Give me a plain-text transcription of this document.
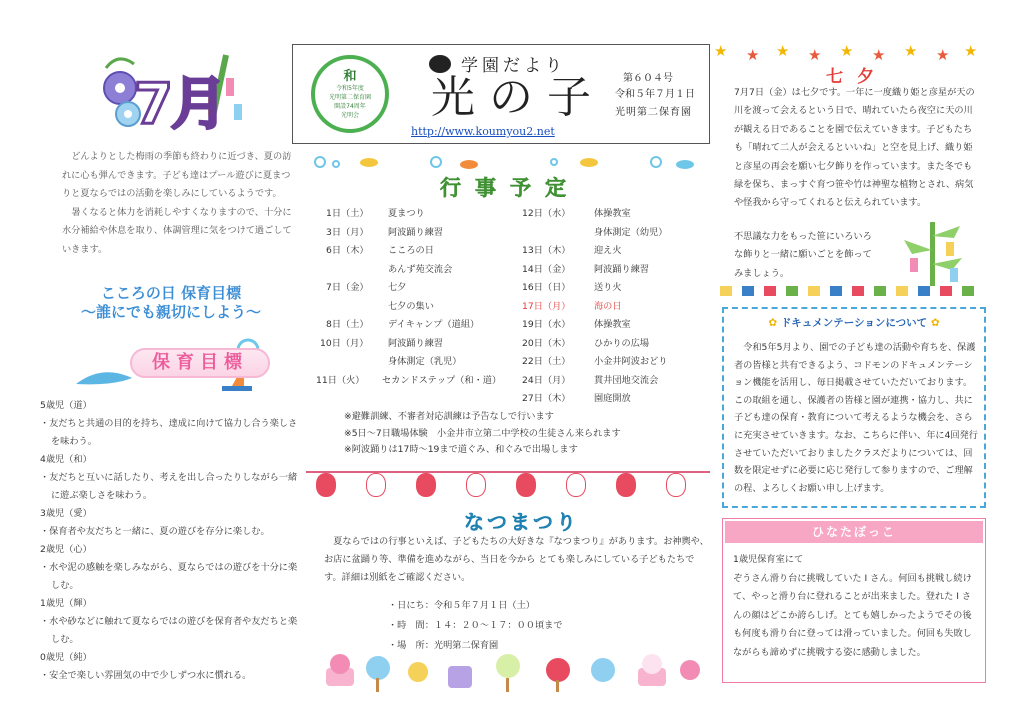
7月

どんよりとした梅雨の季節も終わりに近づき、夏の訪れに心も弾んできます。子ども達はプール遊びに夏まつりと夏ならではの活動を楽しみにしているようです。

暑くなると体力を消耗しやすくなりますので、十分に水分補給や休息を取り、体調管理に気をつけて過ごしていきます。

こころの日 保育目標
〜誰にでも親切にしよう〜
保育目標
5歳児（道）
・友だちと共通の目的を持ち、達成に向けて協力し合う楽しさを味わう。
4歳児（和）
・友だちと互いに話したり、考えを出し合ったりしながら一緒に遊ぶ楽しさを味わう。
3歳児（愛）
・保育者や友だちと一緒に、夏の遊びを存分に楽しむ。
2歳児（心）
・水や泥の感触を楽しみながら、夏ならではの遊びを十分に楽しむ。
1歳児（輝）
・水や砂などに触れて夏ならではの遊びを保育者や友だちと楽しむ。
0歳児（純）
・安全で楽しい雰囲気の中で少しずつ水に慣れる。
和
令和5年度
光明第二保育園
開設74周年
光明会
学園だより
光の子 第６０４号
令和５年７月１日
光明第二保育園
http://www.koumyou2.net
行事予定
1日（土） 夏まつり
3日（月） 阿波踊り練習
6日（木） こころの日
あんず苑交流会
7日（金） 七夕
七夕の集い
8日（土） デイキャンプ（道組）
10日（月） 阿波踊り練習
身体測定（乳児）
11日（火） セカンドステップ（和・道）
12日（水）	体操教室
身体測定（幼児）
13日（木）	迎え火
14日（金）	阿波踊り練習
16日（日）	送り火
17日（月）	海の日
19日（水）	体操教室
20日（木）	ひかりの広場
22日（土）	小金井阿波おどり
24日（月）	貫井団地交流会
27日（木）	園庭開放

※避難訓練、不審者対応訓練は予告なしで行います

※5日〜7日職場体験　小金井市立第二中学校の生徒さん来られます

※阿波踊りは17時〜19まで道ぐみ、和ぐみで出場します

なつまつり

夏ならではの行事といえば、子どもたちの大好きな『なつまつり』があります。お神輿や、お店に盆踊り等、準備を進めながら、当日を今から とても楽しみにしている子どもたちです。詳細は別紙をご確認ください。

・日にち：令和５年７月１日（土）

・時　間：１４：２０〜１７：００頃まで

・場　所：光明第二保育園

★ ★ ★ ★ ★ ★ ★ ★ ★
七夕

7月7日（金）は七夕です。一年に一度織り姫と彦星が天の川を渡って会えるという日で、晴れていたら夜空に天の川が観える日であることを園で伝えていきます。子どもたちも「晴れて二人が会えるといいね」と空を見上げ、織り姫と彦星の再会を願い七夕飾りを作っています。また冬でも緑を保ち、まっすぐ育つ笹や竹は神聖な植物とされ、病気や怪我から守ってくれると伝えられています。

不思議な力をもった笹にいろいろ

な飾りと一緒に願いごとを飾って

みましょう。

✿ ドキュメンテーションについて ✿

令和5年5月より、園での子ども達の活動や育ちを、保護者の皆様と共有できるよう、コドモンのドキュメンテーション機能を活用し、毎日掲載させていただいております。この取組を通し、保護者の皆様と園が連携・協力し、共に子ども達の保育・教育について考えるような機会を、さらに充実させていきます。なお、こちらに伴い、年に4回発行させていただいておりましたクラスだよりについては、回数を限定せずに必要に応じ発行して参りますので、ご理解の程、よろしくお願い申し上げます。

ひなたぼっこ

1歳児保育室にて

ぞうさん滑り台に挑戦していた I さん。何回も挑戦し続けて、やっと滑り台に登れることが出来ました。登れた I さんの顔はどこか誇らしげ。とても嬉しかったようでその後も何度も滑り台に登っては滑っていました。何回も失敗しながらも諦めずに挑戦する姿に感動しました。
